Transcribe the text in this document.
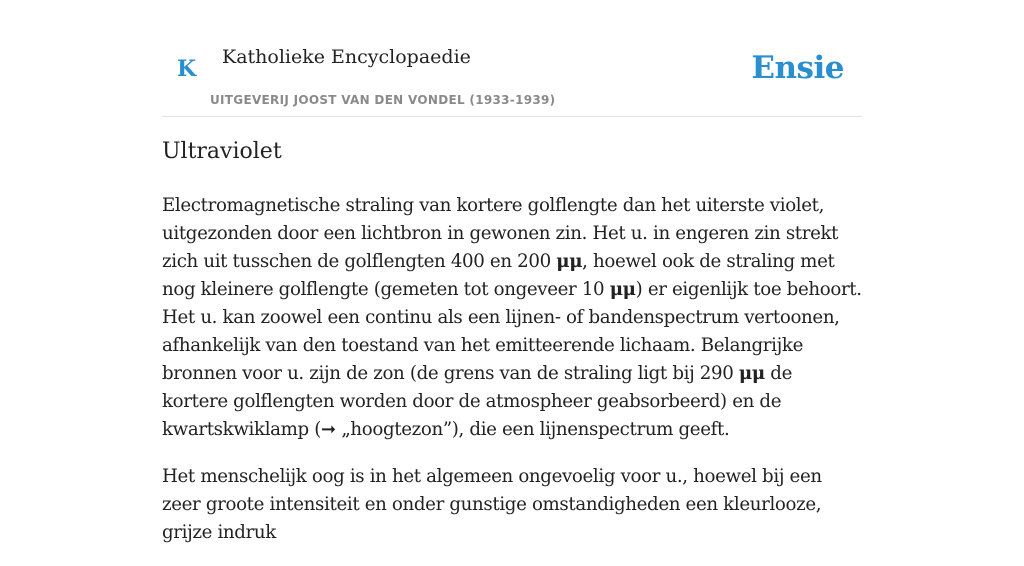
K Katholieke Encyclopaedie
UITGEVERIJ JOOST VAN DEN VONDEL (1933-1939)
Ensie
Ultraviolet

Electromagnetische straling van kortere golflengte dan het uiterste violet, uitgezonden door een lichtbron in gewonen zin. Het u. in engeren zin strekt zich uit tusschen de golflengten 400 en 200 μμ, hoewel ook de straling met nog kleinere golflengte (gemeten tot ongeveer 10 μμ) er eigenlijk toe behoort. Het u. kan zoowel een continu als een lijnen- of bandenspectrum vertoonen, afhankelijk van den toestand van het emitteerende lichaam. Belangrijke bronnen voor u. zijn de zon (de grens van de straling ligt bij 290 μμ de kortere golflengten worden door de atmospheer geabsorbeerd) en de kwartskwiklamp (➞ „hoogtezon”), die een lijnenspectrum geeft.

Het menschelijk oog is in het algemeen ongevoelig voor u., hoewel bij een zeer groote intensiteit en onder gunstige omstandigheden een kleurlooze, grijze indruk
